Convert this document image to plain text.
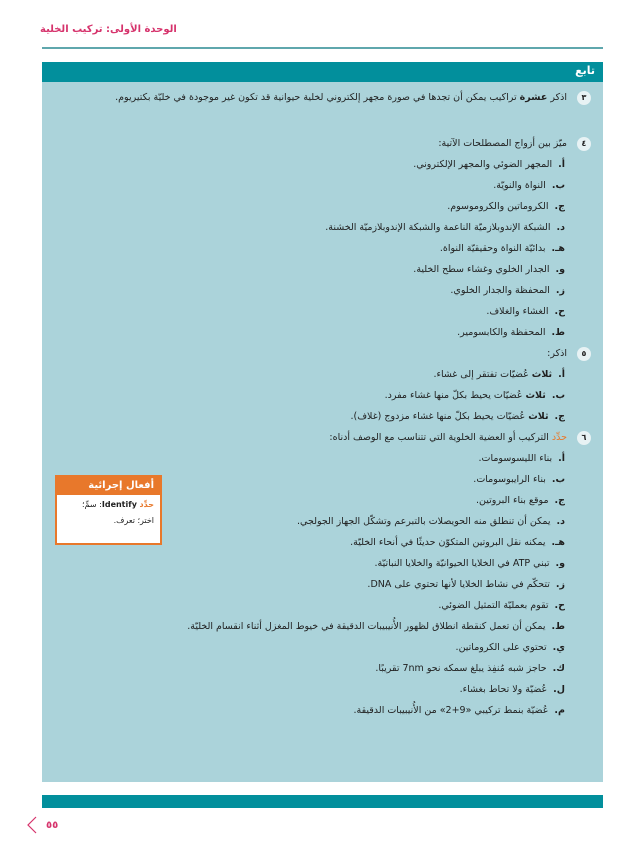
الوحدة الأولى: تركيب الخلية
تابع
٣
اذكر عشرة تراكيب يمكن أن تجدها في صورة مجهر إلكتروني لخلية حيوانية قد تكون غير موجودة في خليّة بكتيريوم.
٤
ميّز بين أزواج المصطلحات الآتية:
أ.المجهر الضوئي والمجهر الإلكتروني.
ب.النواة والنويّة.
ج.الكروماتين والكروموسوم.
د.الشبكة الإندوبلازميّة الناعمة والشبكة الإندوبلازميّة الخشنة.
هـ.بدائيّة النواة وحقيقيّة النواة.
و.الجدار الخلوي وغشاء سطح الخلية.
ز.المحفظة والجدار الخلوي.
ح.الغشاء والغلاف.
ط.المحفظة والكابسومير.
٥
اذكر:
أ.ثلاث عُضيّات تفتقر إلى غشاء.
ب.ثلاث عُضيّات يحيط بكلّ منها غشاء مفرد.
ج.ثلاث عُضيّات يحيط بكلّ منها غشاء مزدوج (غلاف).
٦
حدِّد التركيب أو العضية الخلوية التي تتناسب مع الوصف أدناه:
أ.بناء الليسوسومات.
ب.بناء الرايبوسومات.
ج.موقع بناء البروتين.
د.يمكن أن تنطلق منه الحويصلات بالتبرعم وتشكّل الجهاز الجولجي.
هـ.يمكنه نقل البروتين المتكوّن حديثًا في أنحاء الخليّة.
و.تبني ATP في الخلايا الحيوانيّة والخلايا النباتيّة.
ز.تتحكّم في نشاط الخلايا لأنها تحتوي على DNA.
ح.تقوم بعمليّة التمثيل الضوئي.
ط.يمكن أن تعمل كنقطة انطلاق لظهور الأُنيبيبات الدقيقة في خيوط المغزل أثناء انقسام الخليّة.
ي.تحتوي على الكروماتين.
ك.حاجز شبه مُنفِذ يبلغ سمكه نحو 7nm تقريبًا.
ل.عُضيّة ولا تحاط بغشاء.
م.عُضيّة بنمط تركيبي «9+2» من الأُنيبيبات الدقيقة.
أفعال إجرائية
حدِّد Identify: سمِّ؛
اختر؛ تعرف.
٥٥
